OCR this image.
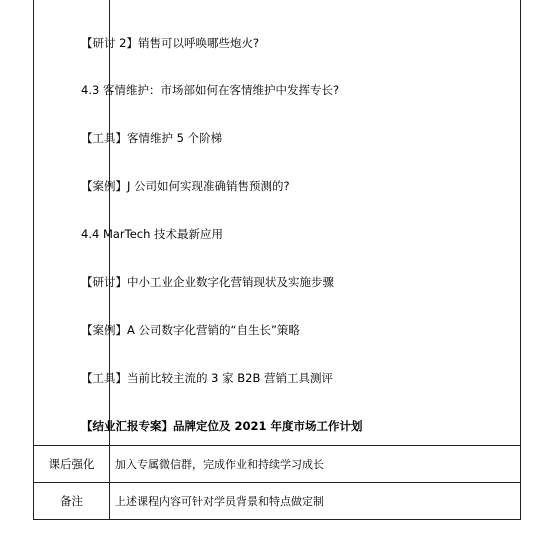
课后强化	加入专属微信群，完成作业和持续学习成长
备注	上述课程内容可针对学员背景和特点做定制
【研讨 2】销售可以呼唤哪些炮火?
4.3 客情维护：市场部如何在客情维护中发挥专长?
【工具】客情维护 5 个阶梯
【案例】J 公司如何实现准确销售预测的?
4.4 MarTech 技术最新应用
【研讨】中小工业企业数字化营销现状及实施步骤
【案例】A 公司数字化营销的“自生长”策略
【工具】当前比较主流的 3 家 B2B 营销工具测评
【结业汇报专案】品牌定位及 2021 年度市场工作计划
